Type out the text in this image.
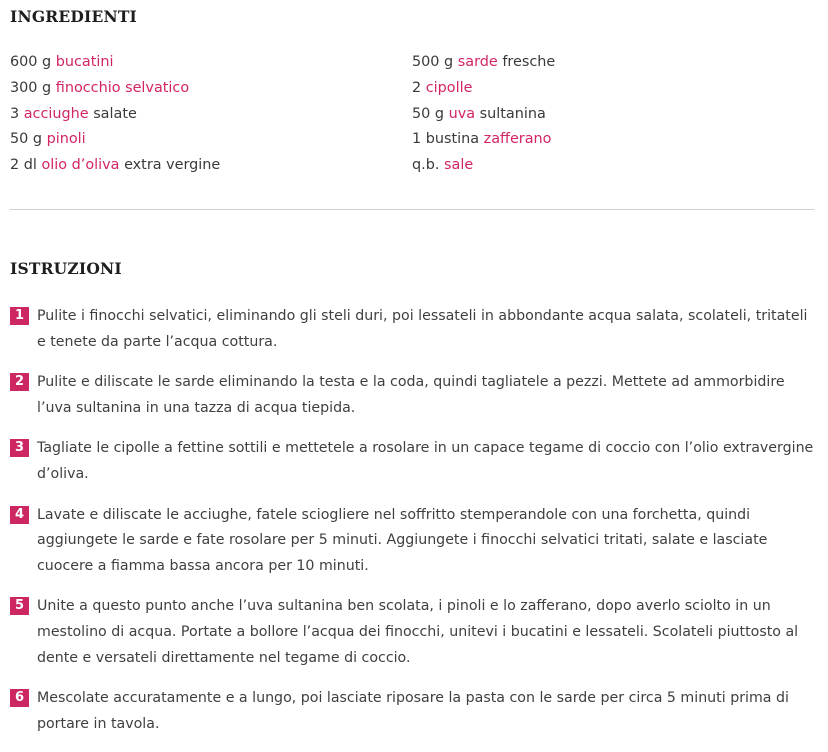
INGREDIENTI
600 g bucatini
300 g finocchio selvatico
3 acciughe salate
50 g pinoli
2 dl olio d’oliva extra vergine
500 g sarde fresche
2 cipolle
50 g uva sultanina
1 bustina zafferano
q.b. sale
ISTRUZIONI
1 Pulite i finocchi selvatici, eliminando gli steli duri, poi lessateli in abbondante acqua salata, scolateli, tritateli e tenete da parte l’acqua cottura.
2 Pulite e diliscate le sarde eliminando la testa e la coda, quindi tagliatele a pezzi. Mettete ad ammorbidire l’uva sultanina in una tazza di acqua tiepida.
3 Tagliate le cipolle a fettine sottili e mettetele a rosolare in un capace tegame di coccio con l’olio extravergine d’oliva.
4 Lavate e diliscate le acciughe, fatele sciogliere nel soffritto stemperandole con una forchetta, quindi aggiungete le sarde e fate rosolare per 5 minuti. Aggiungete i finocchi selvatici tritati, salate e lasciate cuocere a fiamma bassa ancora per 10 minuti.
5 Unite a questo punto anche l’uva sultanina ben scolata, i pinoli e lo zafferano, dopo averlo sciolto in un mestolino di acqua. Portate a bollore l’acqua dei finocchi, unitevi i bucatini e lessateli. Scolateli piuttosto al dente e versateli direttamente nel tegame di coccio.
6 Mescolate accuratamente e a lungo, poi lasciate riposare la pasta con le sarde per circa 5 minuti prima di portare in tavola.
